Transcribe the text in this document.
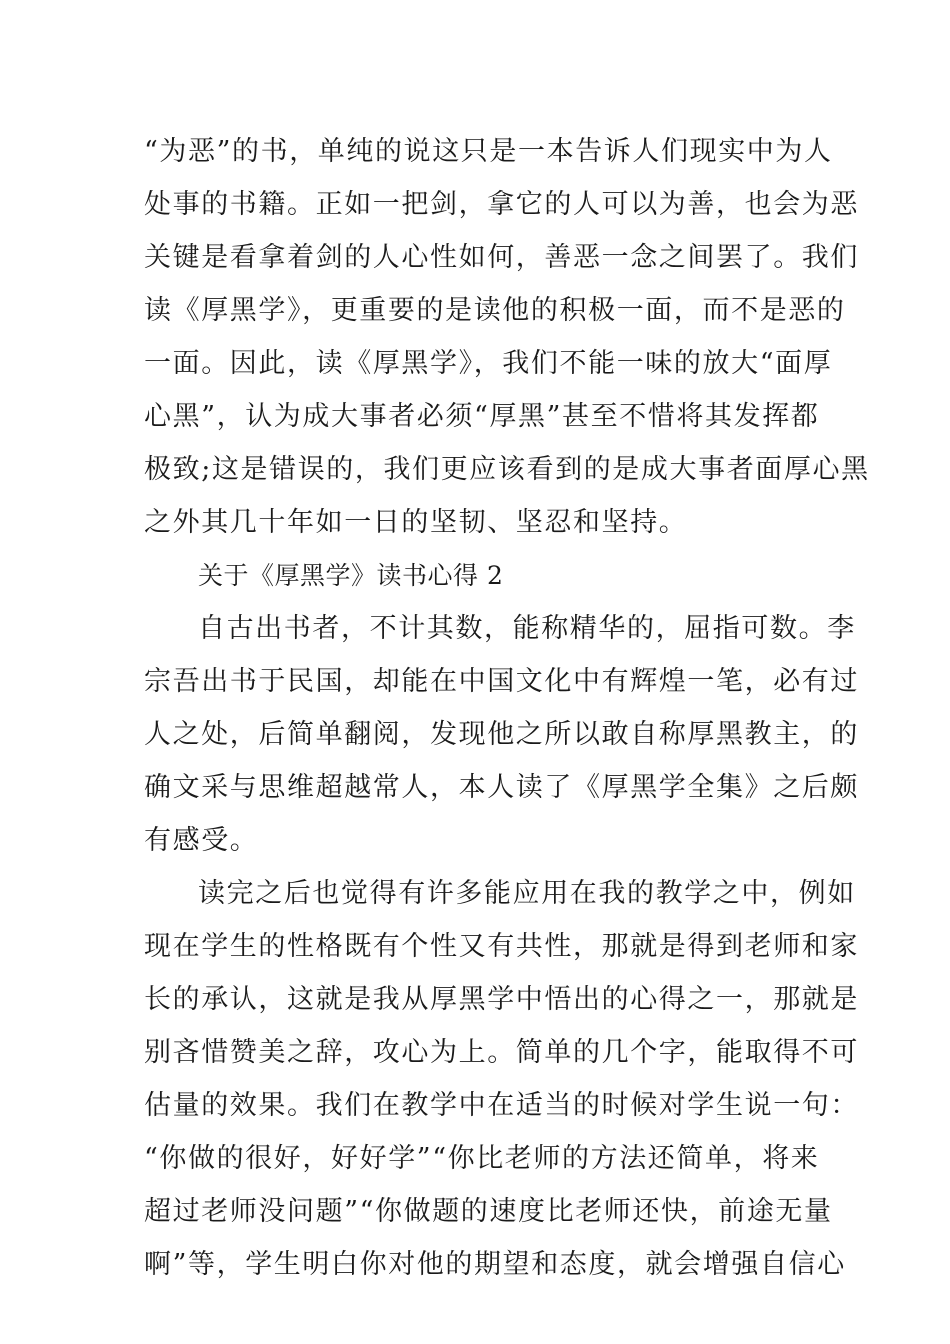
“为恶”的书，单纯的说这只是一本告诉人们现实中为人
处事的书籍。正如一把剑，拿它的人可以为善，也会为恶
关键是看拿着剑的人心性如何，善恶一念之间罢了。我们
读《厚黑学》，更重要的是读他的积极一面，而不是恶的
一面。因此，读《厚黑学》，我们不能一味的放大“面厚
心黑”，认为成大事者必须“厚黑”甚至不惜将其发挥都
极致;这是错误的，我们更应该看到的是成大事者面厚心黑
之外其几十年如一日的坚韧、坚忍和坚持。
关于《厚黑学》读书心得 2
自古出书者，不计其数，能称精华的，屈指可数。李
宗吾出书于民国，却能在中国文化中有辉煌一笔，必有过
人之处，后简单翻阅，发现他之所以敢自称厚黑教主，的
确文采与思维超越常人，本人读了《厚黑学全集》之后颇
有感受。
读完之后也觉得有许多能应用在我的教学之中，例如
现在学生的性格既有个性又有共性，那就是得到老师和家
长的承认，这就是我从厚黑学中悟出的心得之一，那就是
别吝惜赞美之辞，攻心为上。简单的几个字，能取得不可
估量的效果。我们在教学中在适当的时候对学生说一句：
“你做的很好，好好学”“你比老师的方法还简单，将来
超过老师没问题”“你做题的速度比老师还快，前途无量
啊”等，学生明白你对他的期望和态度，就会增强自信心
